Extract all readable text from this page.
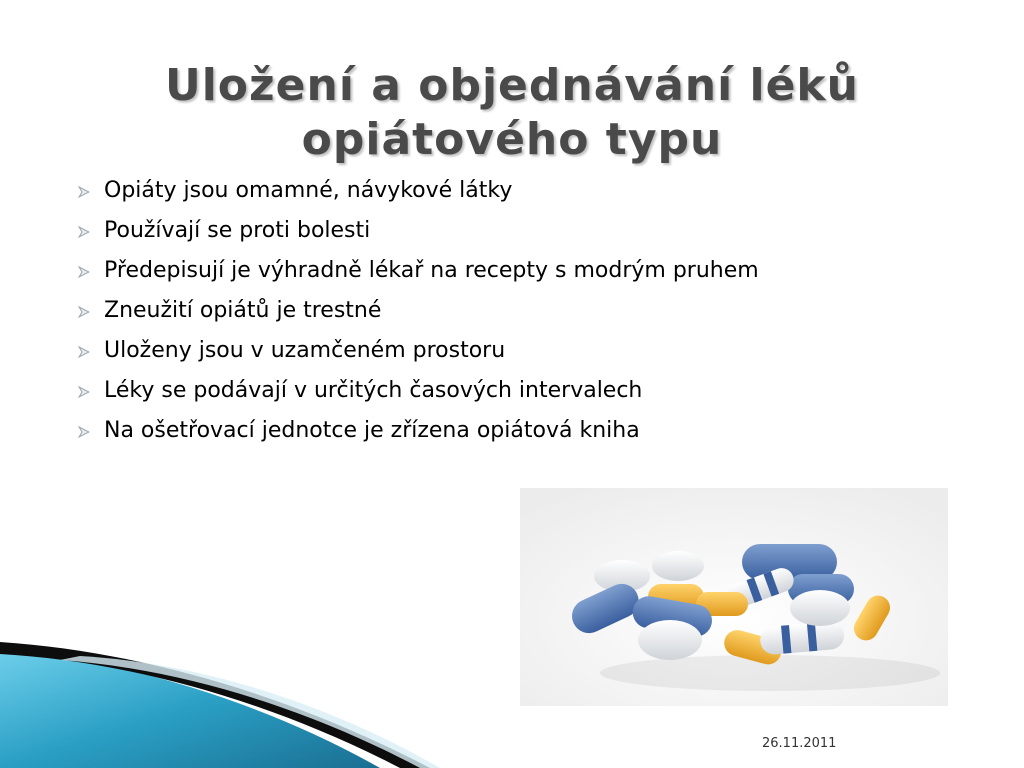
Uložení a objednávání léků
opiátového typu
Opiáty jsou omamné, návykové látky
Používají se proti bolesti
Předepisují je výhradně lékař na recepty s modrým pruhem
Zneužití opiátů je trestné
Uloženy jsou v uzamčeném prostoru
Léky se podávají v určitých časových intervalech
Na ošetřovací jednotce je zřízena opiátová kniha
26.11.2011
